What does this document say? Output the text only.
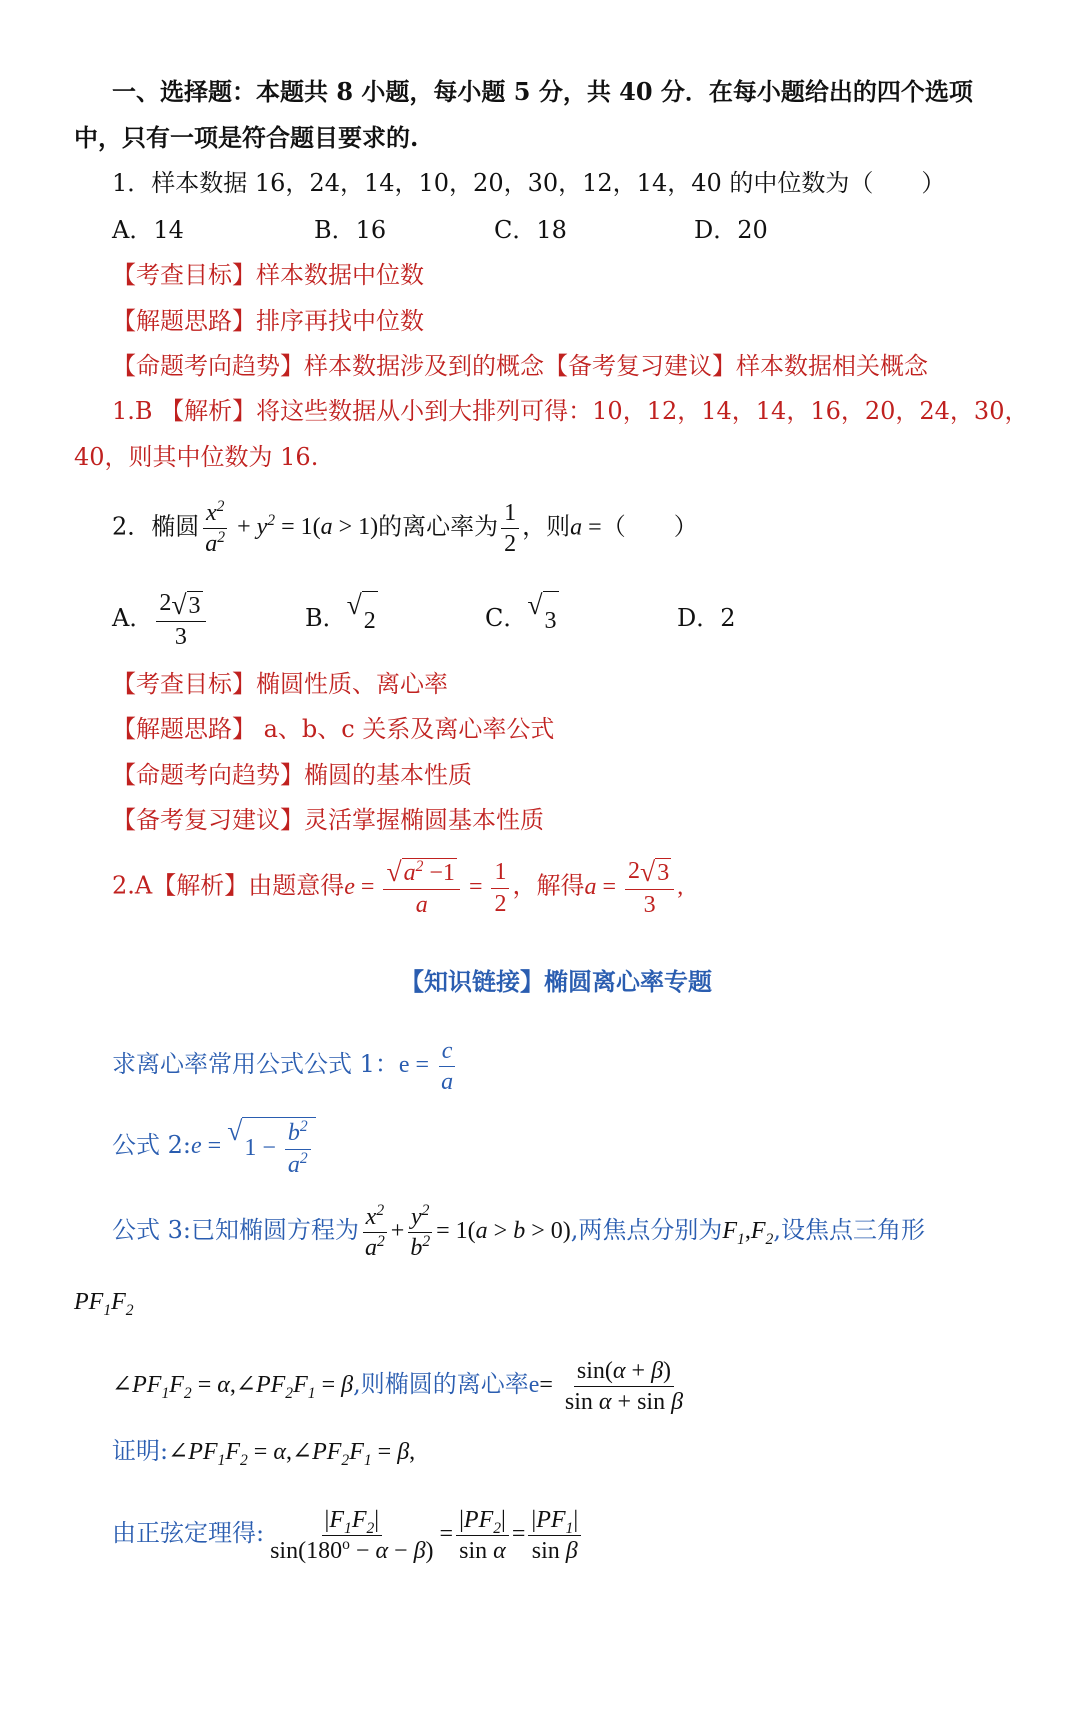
一、选择题：本题共 8 小题，每小题 5 分，共 40 分．在每小题给出的四个选项
中，只有一项是符合题目要求的.
1．样本数据 16，24，14，10，20，30，12，14，40 的中位数为（　　）
A．14	B．16	C．18	D．20
【考查目标】样本数据中位数
【解题思路】排序再找中位数
【命题考向趋势】样本数据涉及到的概念【备考复习建议】样本数据相关概念
1.B 【解析】将这些数据从小到大排列可得：10，12，14，14，16，20，24，30，
40，则其中位数为 16.
2．椭圆 $\frac{x^2}{a^2} + y^2 = 1(a > 1)$的离心率为 $\frac{1}{2}$ ，则a =（　　）
A． $\frac{2 √ 3}{3}$	B． √
2	C． √
3	D．2
【考查目标】椭圆性质、离心率
【解题思路】 a、b、c 关系及离心率公式
【命题考向趋势】椭圆的基本性质
【备考复习建议】灵活掌握椭圆基本性质
2.A【解析】由题意得$e = \frac{√ a^2 -1}{a} = \frac{1}{2}$ ，解得$a = \frac{2 √ 3}{3}$ ,
【知识链接】椭圆离心率专题
求离心率常用公式公式 1：$e = \frac{c}{a}$
公式 2:e =
√
$1 - \frac{b^2}{a^2}$
公式 3:已知椭圆方程为 $\frac{x^2}{a^2} + \frac{y^2}{b^2} = 1(a > b > 0)$,两焦点分别为$F_1,F_2$,设焦点三角形
$PF_1F_2$
$\angle PF_1F_2$ = $\alpha,\angle PF_2F_1 = \beta$,则椭圆的离心率$e= \frac{\sin(\alpha + \beta)}{\text{sin α + sin β}}$
证明$:\angle PF_1F_2$ = $\alpha,\angle PF_2F_1 = \beta$,
由正弦定理得: $\frac{|F_1F_2|}{\sin(180^o - \alpha - \beta)} = \frac{|PF_2|}{\text{sin α}} = \frac{|PF_1|}{\text{sin β}}$
